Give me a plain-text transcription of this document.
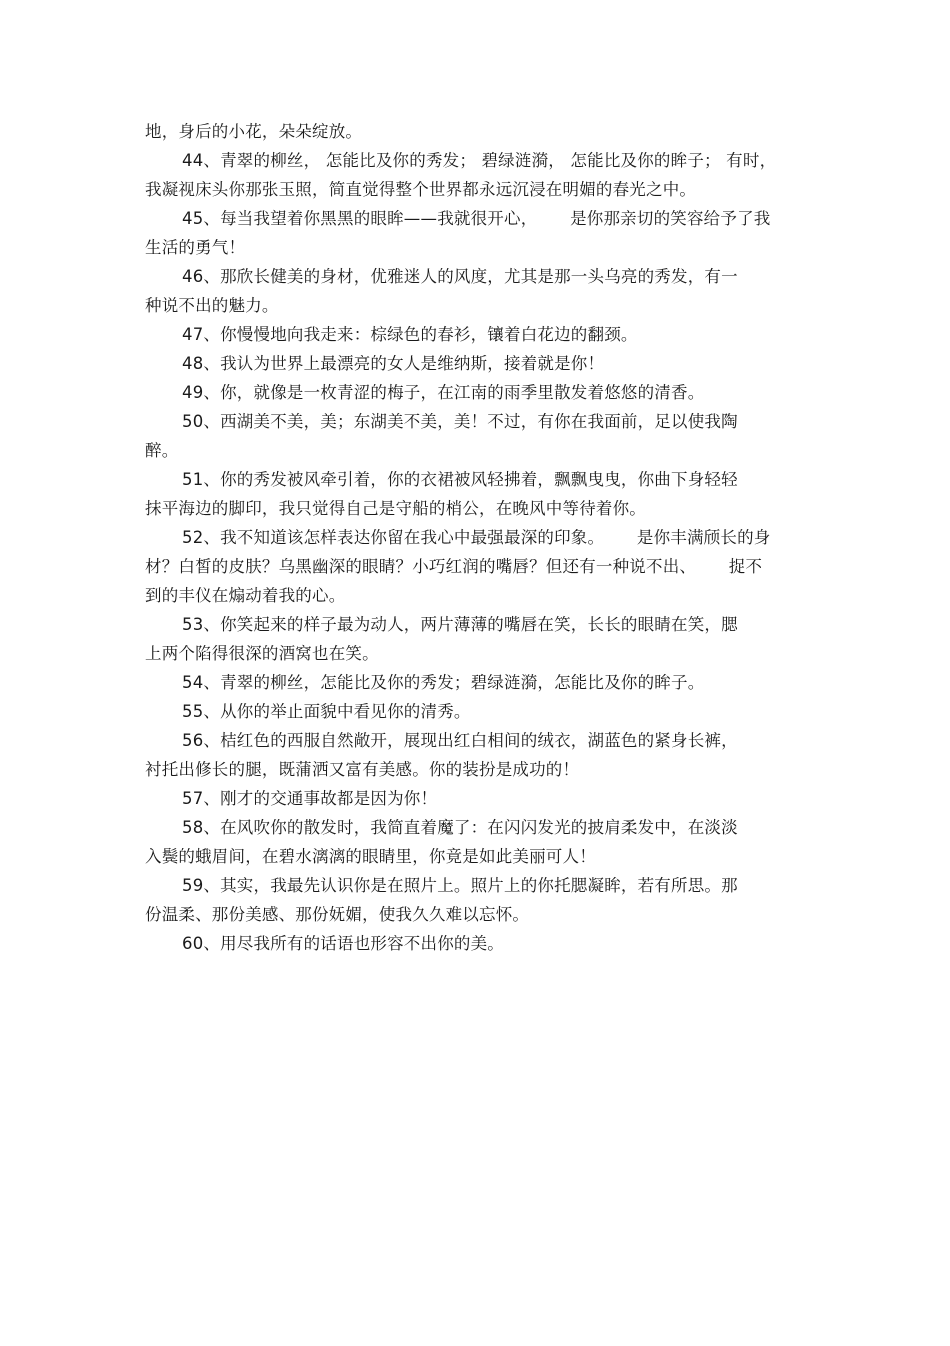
地，身后的小花，朵朵绽放。
44、青翠的柳丝， 怎能比及你的秀发； 碧绿涟漪， 怎能比及你的眸子； 有时，
我凝视床头你那张玉照，简直觉得整个世界都永远沉浸在明媚的春光之中。
45、每当我望着你黑黑的眼眸——我就很开心，      是你那亲切的笑容给予了我
生活的勇气！
46、那欣长健美的身材，优雅迷人的风度，尤其是那一头乌亮的秀发，有一
种说不出的魅力。
47、你慢慢地向我走来：棕绿色的春衫，镶着白花边的翻颈。
48、我认为世界上最漂亮的女人是维纳斯，接着就是你！
49、你，就像是一枚青涩的梅子，在江南的雨季里散发着悠悠的清香。
50、西湖美不美，美；东湖美不美，美！不过，有你在我面前，足以使我陶
醉。
51、你的秀发被风牵引着，你的衣裙被风轻拂着，飘飘曳曳，你曲下身轻轻
抹平海边的脚印，我只觉得自己是守船的梢公，在晚风中等待着你。
52、我不知道该怎样表达你留在我心中最强最深的印象。      是你丰满颀长的身
材？白皙的皮肤？乌黑幽深的眼睛？小巧红润的嘴唇？但还有一种说不出、      捉不
到的丰仪在煽动着我的心。
53、你笑起来的样子最为动人，两片薄薄的嘴唇在笑，长长的眼睛在笑，腮
上两个陷得很深的酒窝也在笑。
54、青翠的柳丝，怎能比及你的秀发；碧绿涟漪，怎能比及你的眸子。
55、从你的举止面貌中看见你的清秀。
56、桔红色的西服自然敞开，展现出红白相间的绒衣，湖蓝色的紧身长裤，
衬托出修长的腿，既蒲洒又富有美感。你的装扮是成功的！
57、刚才的交通事故都是因为你！
58、在风吹你的散发时，我简直着魔了：在闪闪发光的披肩柔发中，在淡淡
入鬓的蛾眉间，在碧水漓漓的眼睛里，你竟是如此美丽可人！
59、其实，我最先认识你是在照片上。照片上的你托腮凝眸，若有所思。那
份温柔、那份美感、那份妩媚，使我久久难以忘怀。
60、用尽我所有的话语也形容不出你的美。
